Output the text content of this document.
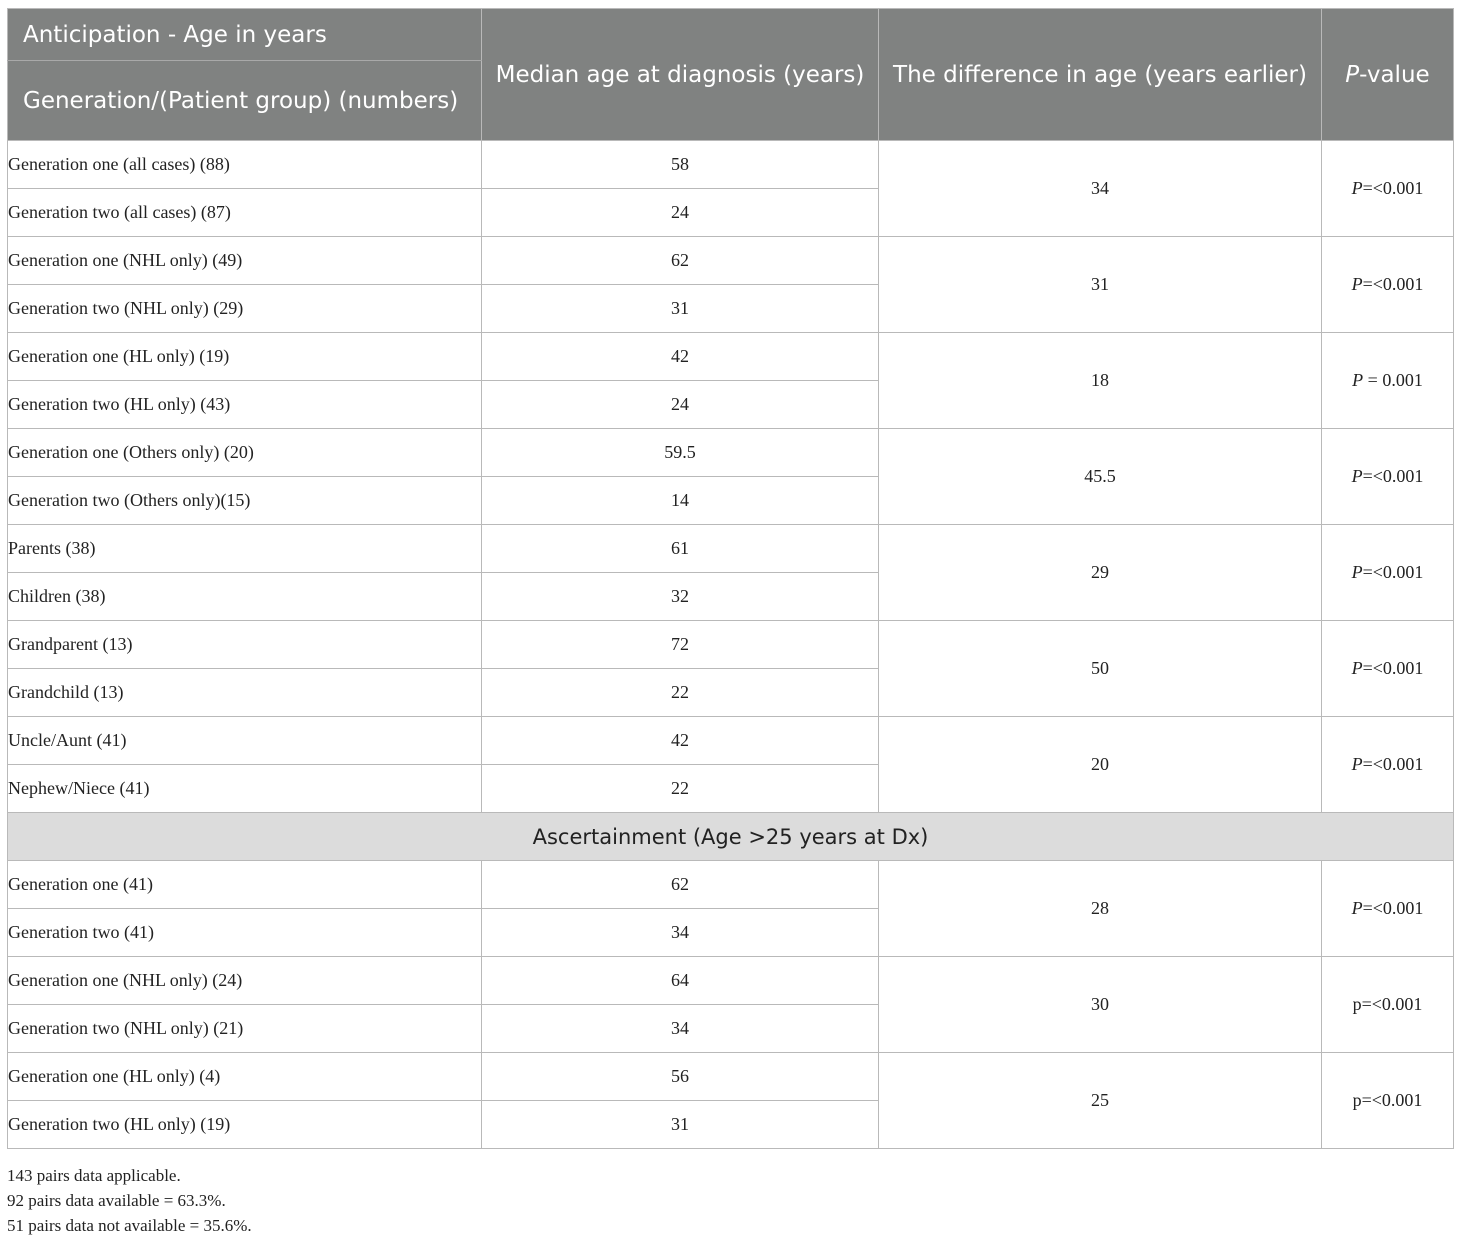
Anticipation - Age in years	Median age at diagnosis (years)	The difference in age (years earlier)	P-value
Generation/(Patient group) (numbers)			
Generation one (all cases) (88)	58	34	P=<0.001
Generation two (all cases) (87)	24		
Generation one (NHL only) (49)	62	31	P=<0.001
Generation two (NHL only) (29)	31		
Generation one (HL only) (19)	42	18	P = 0.001
Generation two (HL only) (43)	24		
Generation one (Others only) (20)	59.5	45.5	P=<0.001
Generation two (Others only)(15)	14		
Parents (38)	61	29	P=<0.001
Children (38)	32		
Grandparent (13)	72	50	P=<0.001
Grandchild (13)	22		
Uncle/Aunt (41)	42	20	P=<0.001
Nephew/Niece (41)	22		
Ascertainment (Age >25 years at Dx)			
Generation one (41)	62	28	P=<0.001
Generation two (41)	34		
Generation one (NHL only) (24)	64	30	p=<0.001
Generation two (NHL only) (21)	34		
Generation one (HL only) (4)	56	25	p=<0.001
Generation two (HL only) (19)	31		
143 pairs data applicable.
92 pairs data available = 63.3%.
51 pairs data not available = 35.6%.
